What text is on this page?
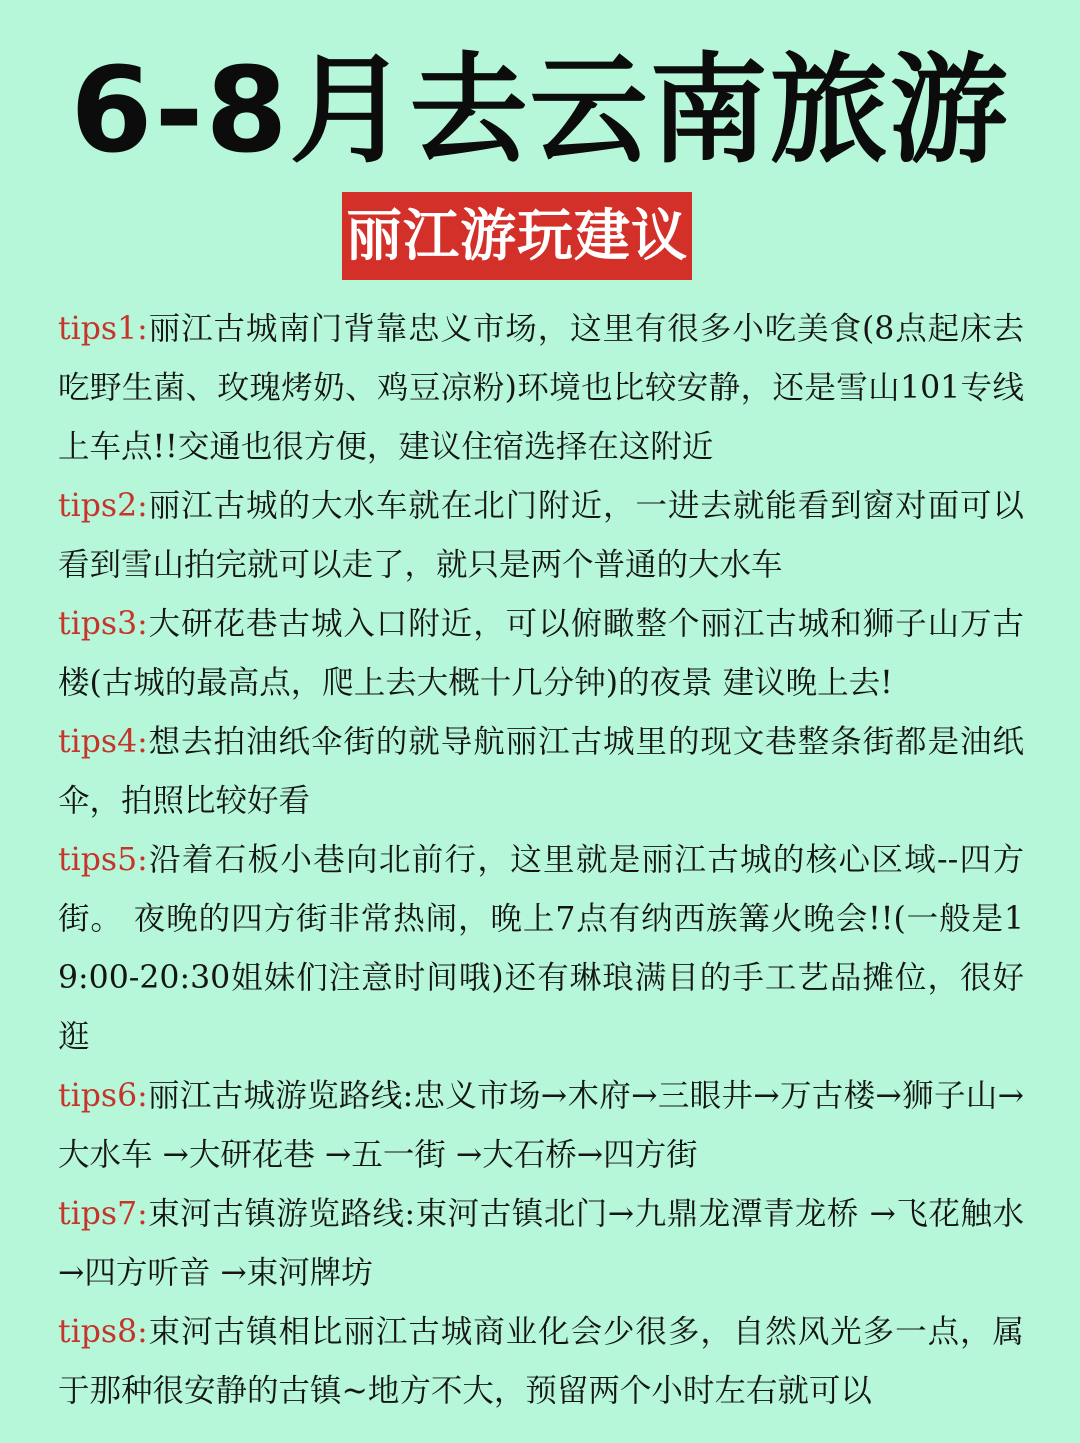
6-8月去云南旅游
丽江游玩建议

tips1:丽江古城南门背靠忠义市场，这里有很多小吃美食(8点起床去吃野生菌、玫瑰烤奶、鸡豆凉粉)环境也比较安静，还是雪山101专线上车点!!交通也很方便，建议住宿选择在这附近

tips2:丽江古城的大水车就在北门附近，一进去就能看到窗对面可以看到雪山拍完就可以走了，就只是两个普通的大水车

tips3:大研花巷古城入口附近，可以俯瞰整个丽江古城和狮子山万古楼(古城的最高点，爬上去大概十几分钟)的夜景 建议晚上去!

tips4:想去拍油纸伞街的就导航丽江古城里的现文巷整条街都是油纸伞，拍照比较好看

tips5:沿着石板小巷向北前行，这里就是丽江古城的核心区域--四方街。 夜晚的四方街非常热闹，晚上7点有纳西族篝火晚会!!(一般是19:00-20:30姐妹们注意时间哦)还有琳琅满目的手工艺品摊位，很好逛

tips6:丽江古城游览路线:忠义市场→木府→三眼井→万古楼→狮子山→大水车 →大研花巷 →五一街 →大石桥→四方街

tips7:束河古镇游览路线:束河古镇北门→九鼎龙潭青龙桥 →飞花触水 →四方听音 →束河牌坊

tips8:束河古镇相比丽江古城商业化会少很多，自然风光多一点，属于那种很安静的古镇~地方不大，预留两个小时左右就可以
